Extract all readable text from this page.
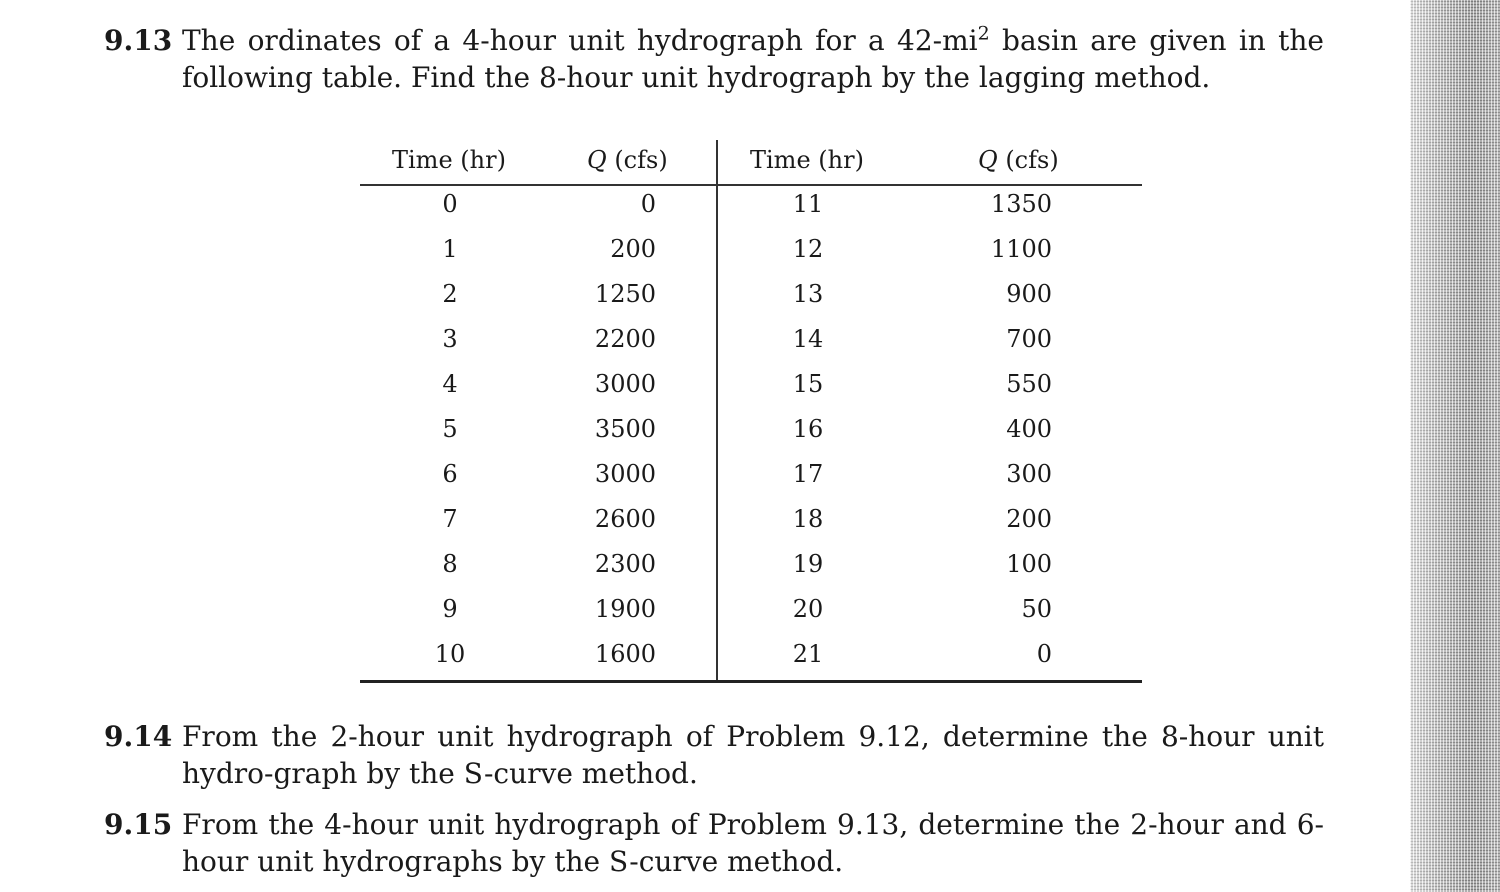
9.13 The ordinates of a 4-hour unit hydrograph for a $42-mi^2$ basin are given in the following table. Find the 8-hour unit hydrograph by the lagging method.
Time (hr)	Q (cfs)	Time (hr)	Q (cfs)
0	0	11	1350
1	200	12	1100
2	1250	13	900
3	2200	14	700
4	3000	15	550
5	3500	16	400
6	3000	17	300
7	2600	18	200
8	2300	19	100
9	1900	20	50
10	1600	21	0
9.14 From the 2-hour unit hydrograph of Problem 9.12, determine the 8-hour unit hydro-graph by the S-curve method.
9.15 From the 4-hour unit hydrograph of Problem 9.13, determine the 2-hour and 6-hour unit hydrographs by the S-curve method.
